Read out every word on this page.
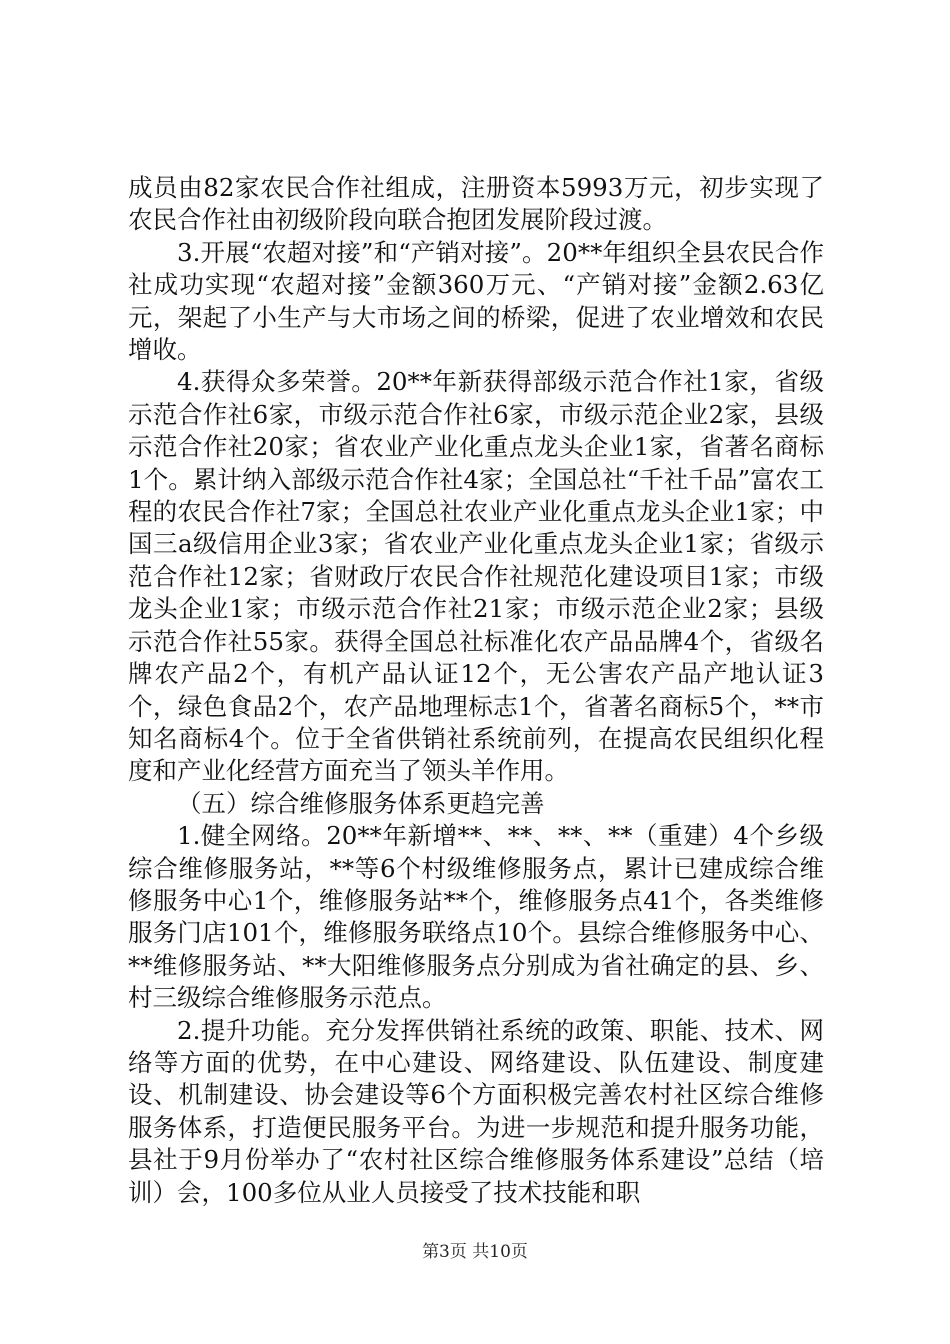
成员由82家农民合作社组成，注册资本5993万元，初步实现了农民合作社由初级阶段向联合抱团发展阶段过渡。

3.开展“农超对接”和“产销对接”。20**年组织全县农民合作社成功实现“农超对接”金额360万元、“产销对接”金额2.63亿元，架起了小生产与大市场之间的桥梁，促进了农业增效和农民增收。

4.获得众多荣誉。20**年新获得部级示范合作社1家，省级示范合作社6家，市级示范合作社6家，市级示范企业2家，县级示范合作社20家；省农业产业化重点龙头企业1家，省著名商标1个。累计纳入部级示范合作社4家；全国总社“千社千品”富农工程的农民合作社7家；全国总社农业产业化重点龙头企业1家；中国三a级信用企业3家；省农业产业化重点龙头企业1家；省级示范合作社12家；省财政厅农民合作社规范化建设项目1家；市级龙头企业1家；市级示范合作社21家；市级示范企业2家；县级示范合作社55家。获得全国总社标准化农产品品牌4个，省级名牌农产品2个，有机产品认证12个，无公害农产品产地认证3个，绿色食品2个，农产品地理标志1个，省著名商标5个，**市知名商标4个。位于全省供销社系统前列，在提高农民组织化程度和产业化经营方面充当了领头羊作用。

（五）综合维修服务体系更趋完善

1.健全网络。20**年新增**、**、**、**（重建）4个乡级综合维修服务站，**等6个村级维修服务点，累计已建成综合维修服务中心1个，维修服务站**个，维修服务点41个，各类维修服务门店101个，维修服务联络点10个。县综合维修服务中心、**维修服务站、**大阳维修服务点分别成为省社确定的县、乡、村三级综合维修服务示范点。

2.提升功能。充分发挥供销社系统的政策、职能、技术、网络等方面的优势，在中心建设、网络建设、队伍建设、制度建设、机制建设、协会建设等6个方面积极完善农村社区综合维修服务体系，打造便民服务平台。为进一步规范和提升服务功能，县社于9月份举办了“农村社区综合维修服务体系建设”总结（培训）会，100多位从业人员接受了技术技能和职

第3页 共10页
